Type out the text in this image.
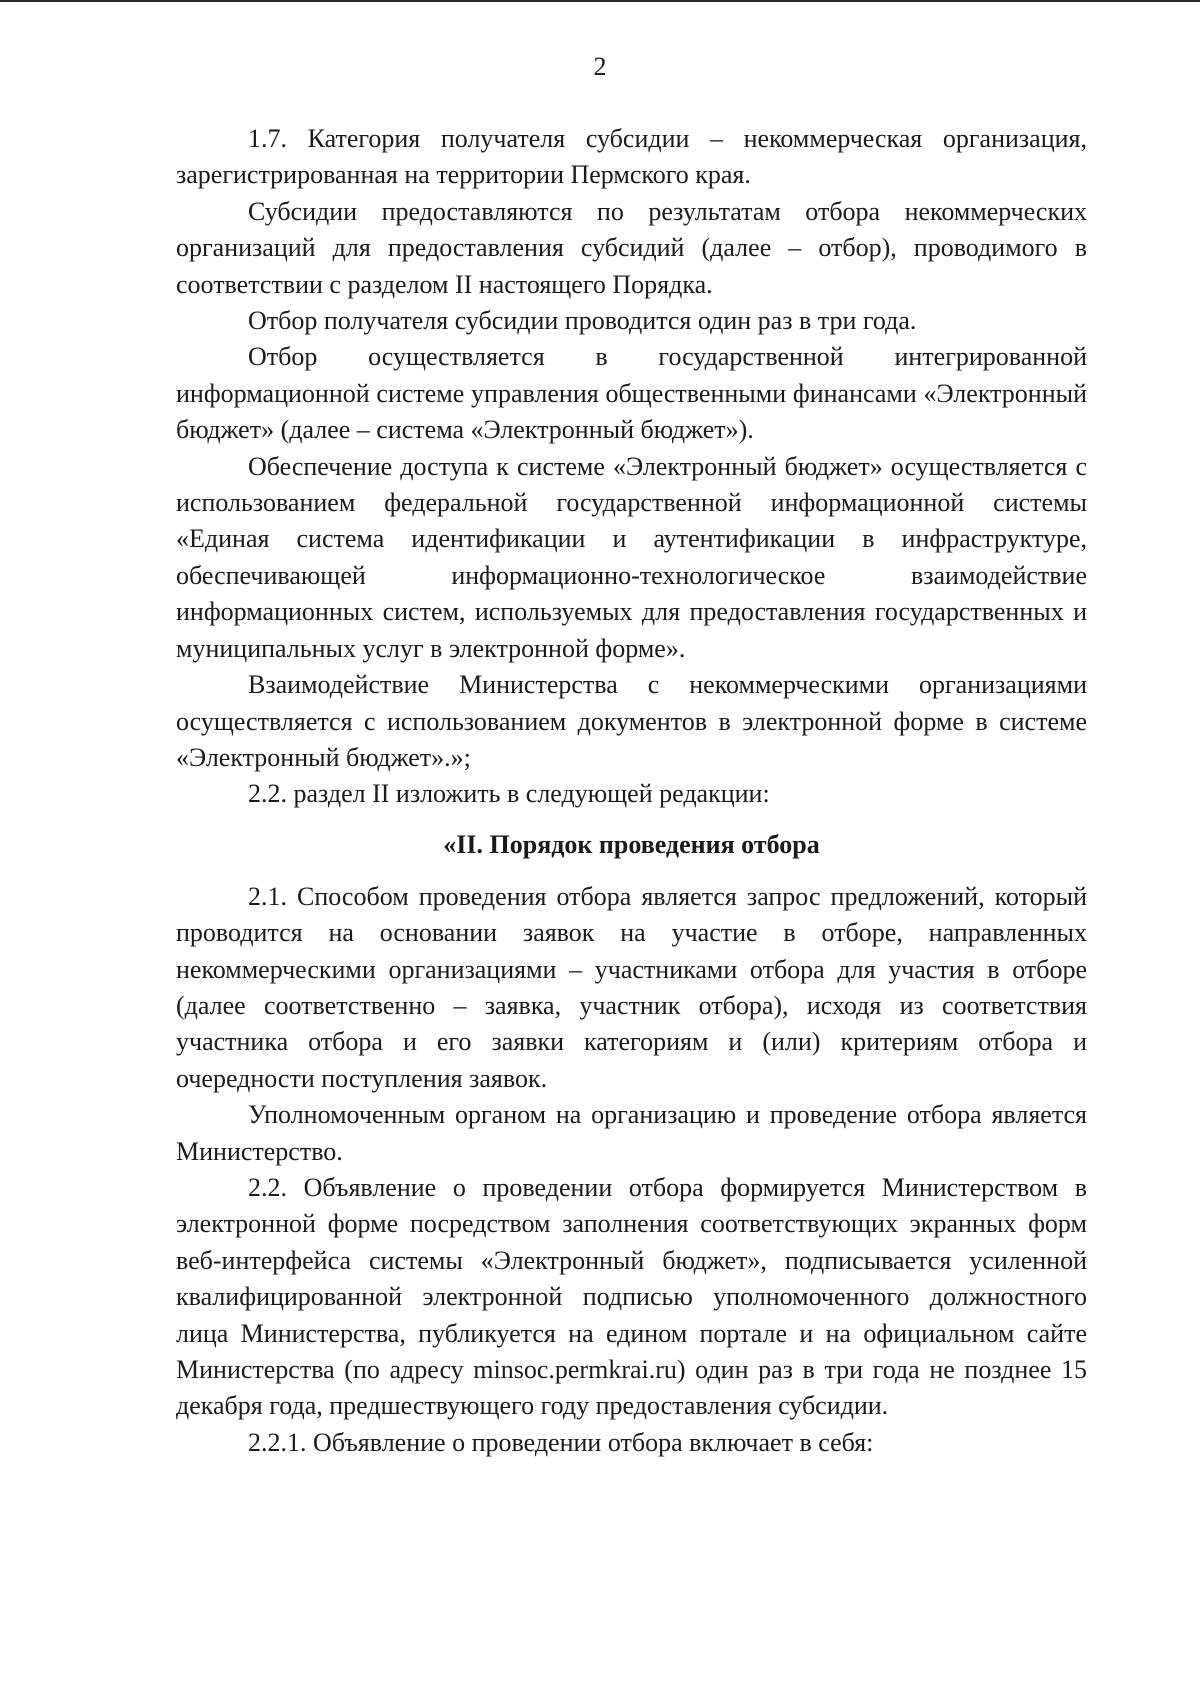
2

1.7. Категория получателя субсидии – некоммерческая организация, зарегистрированная на территории Пермского края.

Субсидии предоставляются по результатам отбора некоммерческих организаций для предоставления субсидий (далее – отбор), проводимого в соответствии с разделом II настоящего Порядка.

Отбор получателя субсидии проводится один раз в три года.

Отбор осуществляется в государственной интегрированной информационной системе управления общественными финансами «Электронный бюджет» (далее – система «Электронный бюджет»).

Обеспечение доступа к системе «Электронный бюджет» осуществляется с использованием федеральной государственной информационной системы «Единая система идентификации и аутентификации в инфраструктуре, обеспечивающей информационно-технологическое взаимодействие информационных систем, используемых для предоставления государственных и муниципальных услуг в электронной форме».

Взаимодействие Министерства с некоммерческими организациями осуществляется с использованием документов в электронной форме в системе «Электронный бюджет».»;

2.2. раздел II изложить в следующей редакции:

«II. Порядок проведения отбора

2.1. Способом проведения отбора является запрос предложений, который проводится на основании заявок на участие в отборе, направленных некоммерческими организациями – участниками отбора для участия в отборе (далее соответственно – заявка, участник отбора), исходя из соответствия участника отбора и его заявки категориям и (или) критериям отбора и очередности поступления заявок.

Уполномоченным органом на организацию и проведение отбора является Министерство.

2.2. Объявление о проведении отбора формируется Министерством в электронной форме посредством заполнения соответствующих экранных форм веб-интерфейса системы «Электронный бюджет», подписывается усиленной квалифицированной электронной подписью уполномоченного должностного лица Министерства, публикуется на едином портале и на официальном сайте Министерства (по адресу minsoc.permkrai.ru) один раз в три года не позднее 15 декабря года, предшествующего году предоставления субсидии.

2.2.1. Объявление о проведении отбора включает в себя:
